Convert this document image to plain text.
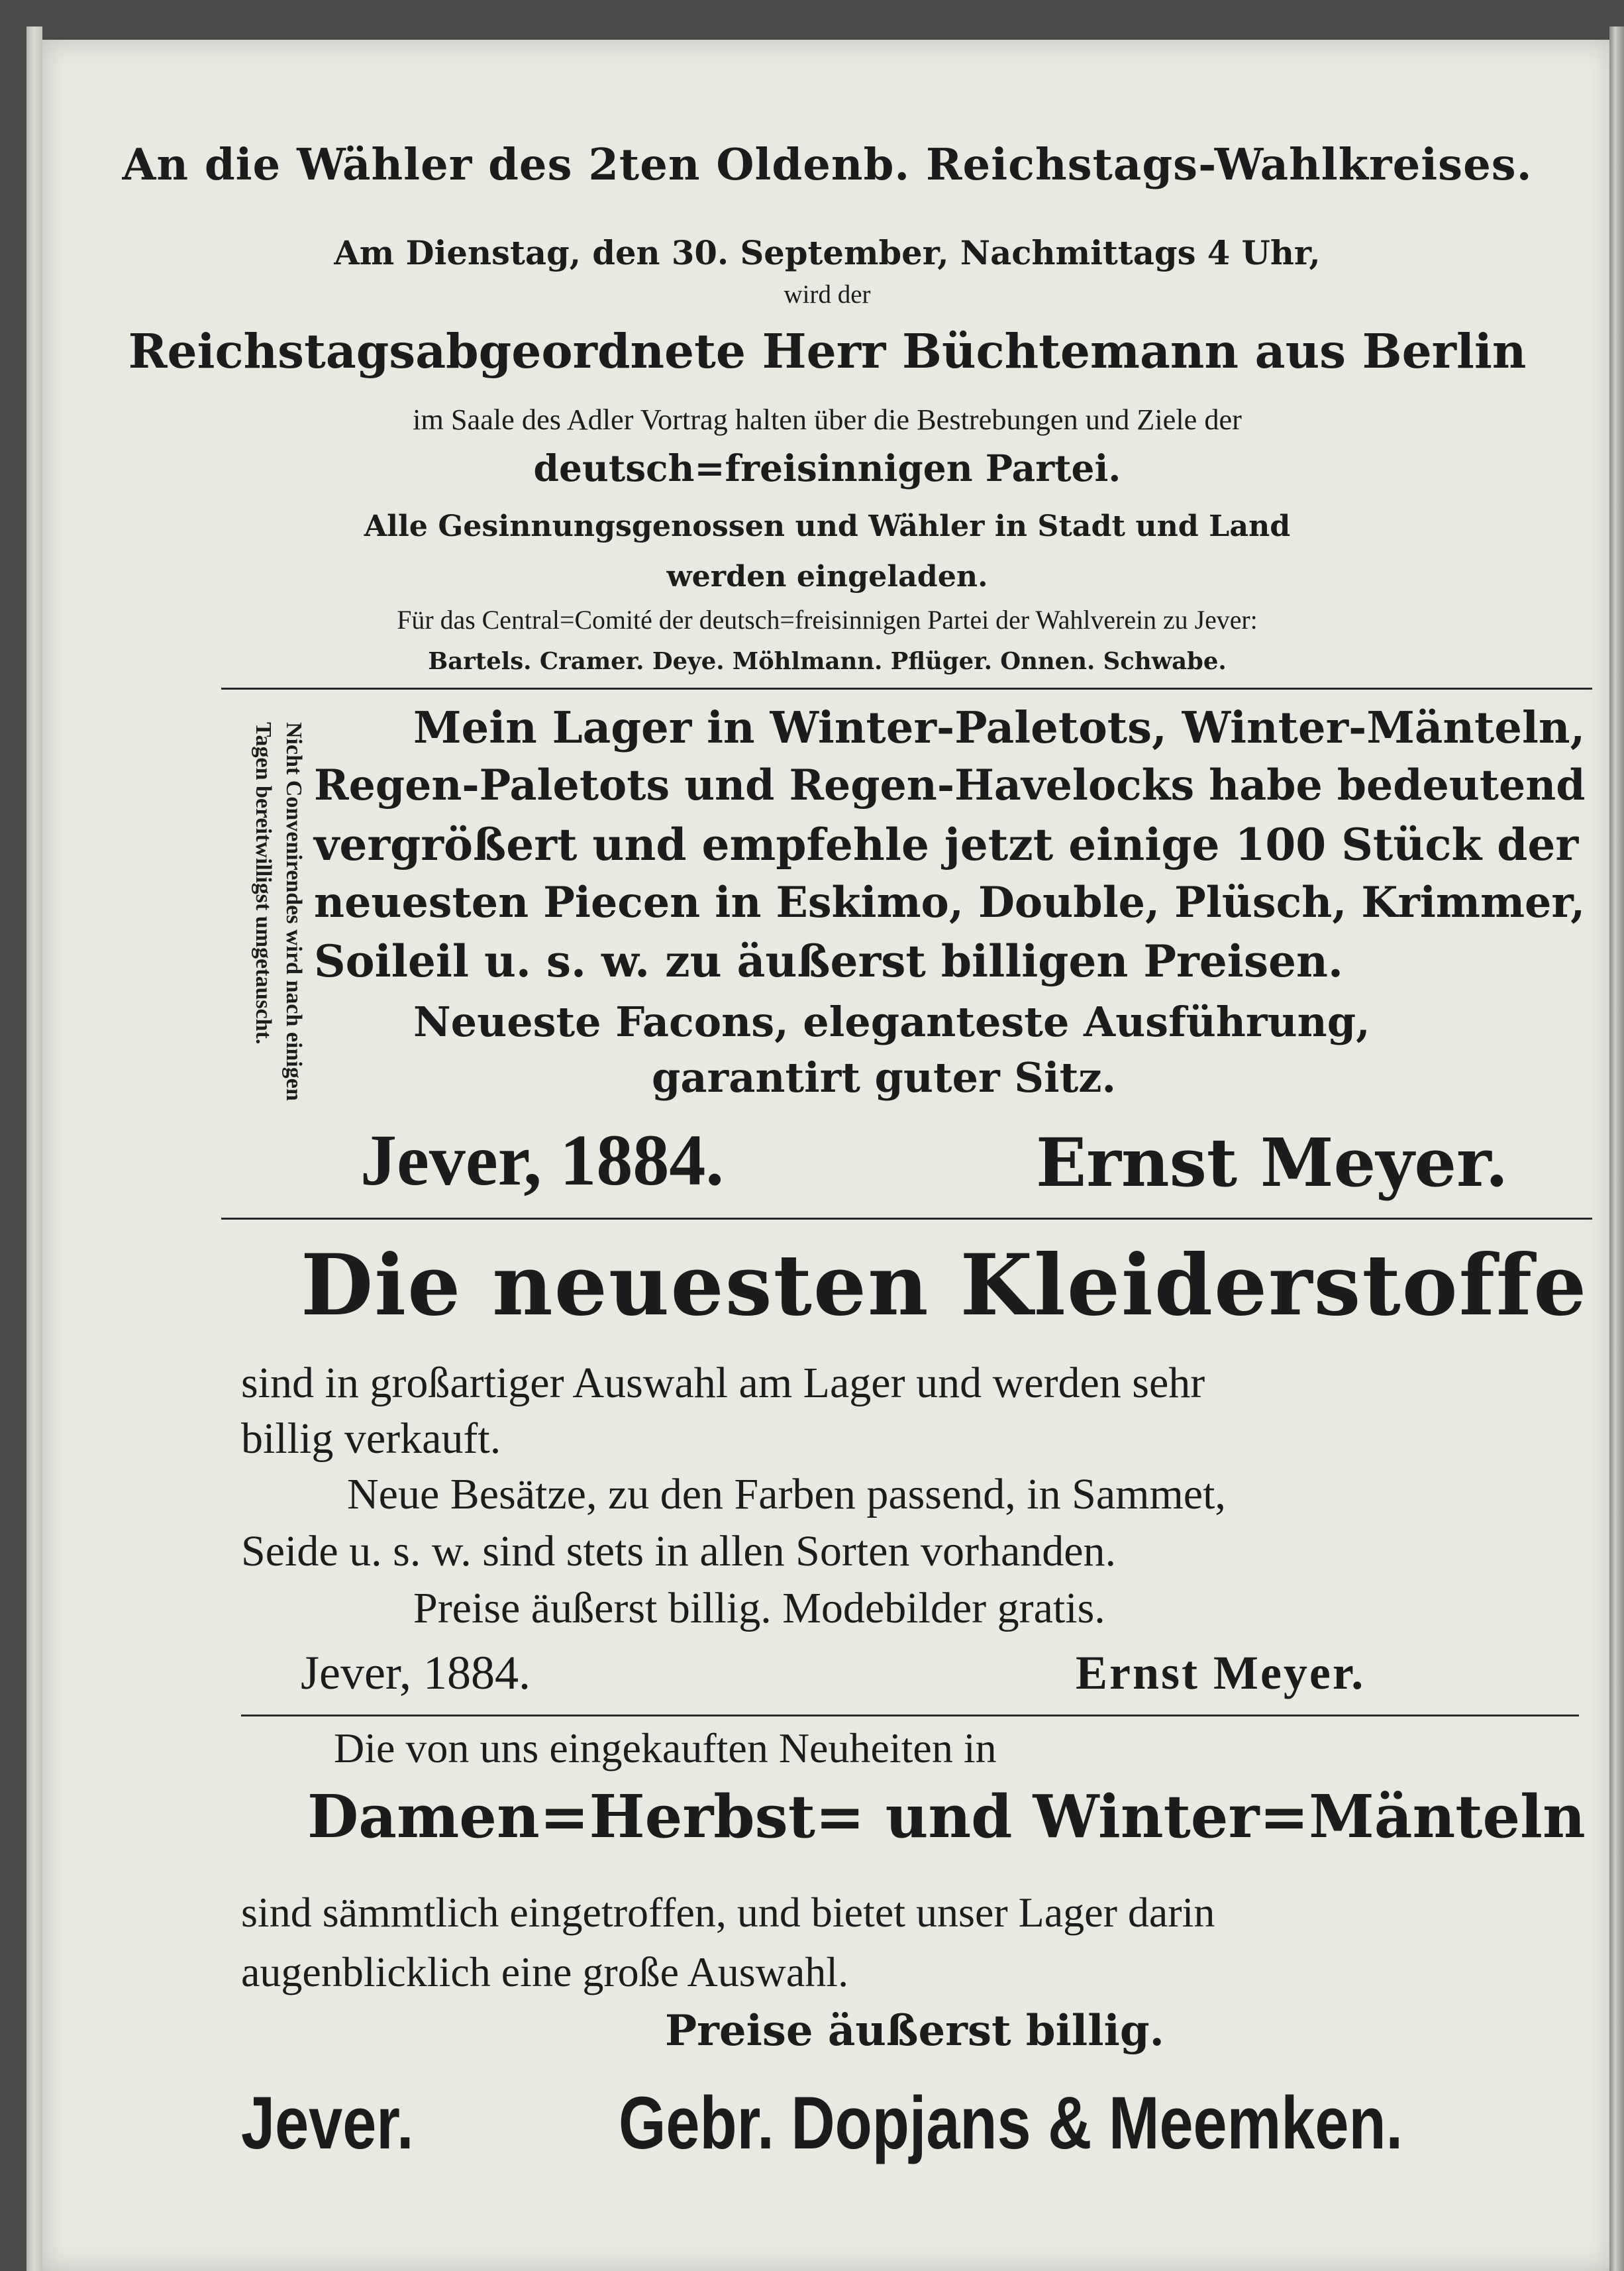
An die Wähler des 2ten Oldenb. Reichstags-Wahlkreises.
Am Dienstag, den 30. September, Nachmittags 4 Uhr,
wird der
Reichstagsabgeordnete Herr Büchtemann aus Berlin
im Saale des Adler Vortrag halten über die Bestrebungen und Ziele der
deutsch=freisinnigen Partei.
Alle Gesinnungsgenossen und Wähler in Stadt und Land
werden eingeladen.
Für das Central=Comité der deutsch=freisinnigen Partei der Wahlverein zu Jever:
Bartels. Cramer. Deye. Möhlmann. Pflüger. Onnen. Schwabe.
Nicht Convenirendes wird nach einigen
Tagen bereitwilligst umgetauscht.	Mein Lager in Winter-Paletots, Winter-Mänteln,
Regen-Paletots und Regen-Havelocks habe bedeutend
vergrößert und empfehle jetzt einige 100 Stück der
neuesten Piecen in Eskimo, Double, Plüsch, Krimmer,
Soileil u. s. w. zu äußerst billigen Preisen.
Neueste Facons, eleganteste Ausführung,
garantirt guter Sitz.
Jever, 1884.	Ernst Meyer.
Die neuesten Kleiderstoffe
sind in großartiger Auswahl am Lager und werden sehr
billig verkauft.
Neue Besätze, zu den Farben passend, in Sammet,
Seide u. s. w. sind stets in allen Sorten vorhanden.
Preise äußerst billig. Modebilder gratis.
Jever, 1884.	Ernst Meyer.
Die von uns eingekauften Neuheiten in
Damen=Herbst= und Winter=Mänteln
sind sämmtlich eingetroffen, und bietet unser Lager darin
augenblicklich eine große Auswahl.
Preise äußerst billig.
Jever.	Gebr. Dopjans & Meemken.
